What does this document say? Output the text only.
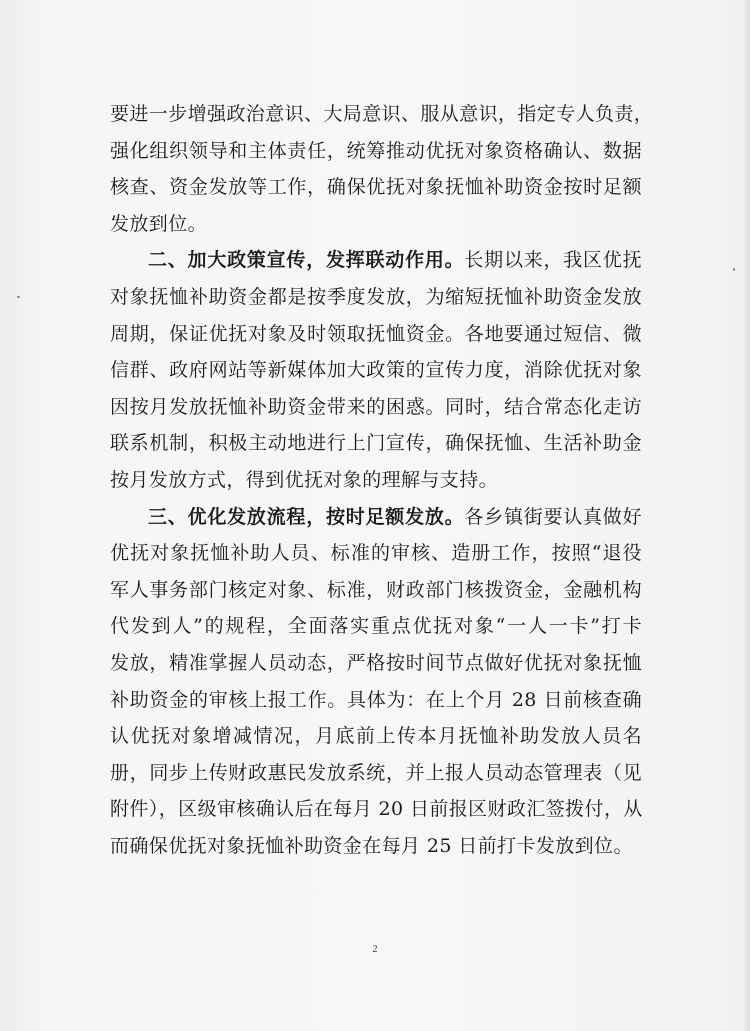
要进一步增强政治意识、大局意识、服从意识，指定专人负责，
强化组织领导和主体责任，统筹推动优抚对象资格确认、数据
核查、资金发放等工作，确保优抚对象抚恤补助资金按时足额
发放到位。
二、加大政策宣传，发挥联动作用。长期以来，我区优抚
对象抚恤补助资金都是按季度发放，为缩短抚恤补助资金发放
周期，保证优抚对象及时领取抚恤资金。各地要通过短信、微
信群、政府网站等新媒体加大政策的宣传力度，消除优抚对象
因按月发放抚恤补助资金带来的困惑。同时，结合常态化走访
联系机制，积极主动地进行上门宣传，确保抚恤、生活补助金
按月发放方式，得到优抚对象的理解与支持。
三、优化发放流程，按时足额发放。各乡镇街要认真做好
优抚对象抚恤补助人员、标准的审核、造册工作，按照“退役
军人事务部门核定对象、标准，财政部门核拨资金，金融机构
代发到人”的规程，全面落实重点优抚对象“一人一卡”打卡
发放，精准掌握人员动态，严格按时间节点做好优抚对象抚恤
补助资金的审核上报工作。具体为：在上个月 28 日前核查确
认优抚对象增减情况，月底前上传本月抚恤补助发放人员名
册，同步上传财政惠民发放系统，并上报人员动态管理表（见
附件），区级审核确认后在每月 20 日前报区财政汇签拨付，从
而确保优抚对象抚恤补助资金在每月 25 日前打卡发放到位。
2
